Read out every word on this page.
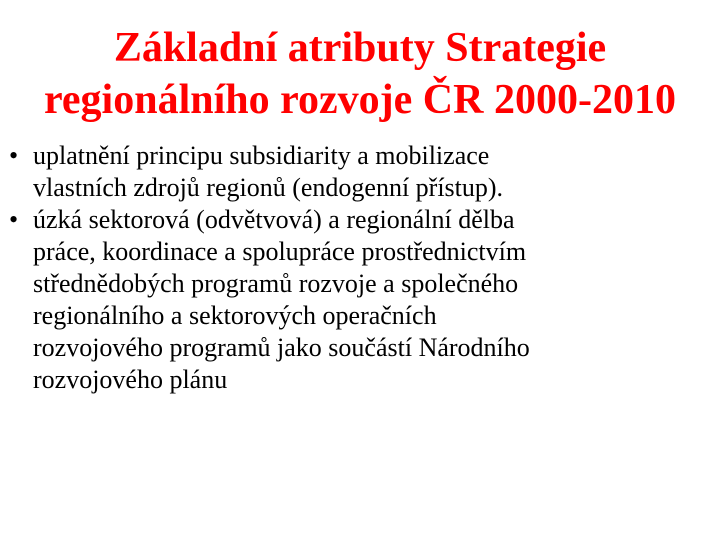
Základní atributy Strategie
regionálního rozvoje ČR 2000-2010
• uplatnění principu subsidiarity a mobilizace
vlastních zdrojů regionů (endogenní přístup).
• úzká sektorová (odvětvová) a regionální dělba
práce, koordinace a spolupráce prostřednictvím
střednědobých programů rozvoje a společného
regionálního a sektorových operačních
rozvojového programů jako součástí Národního
rozvojového plánu
